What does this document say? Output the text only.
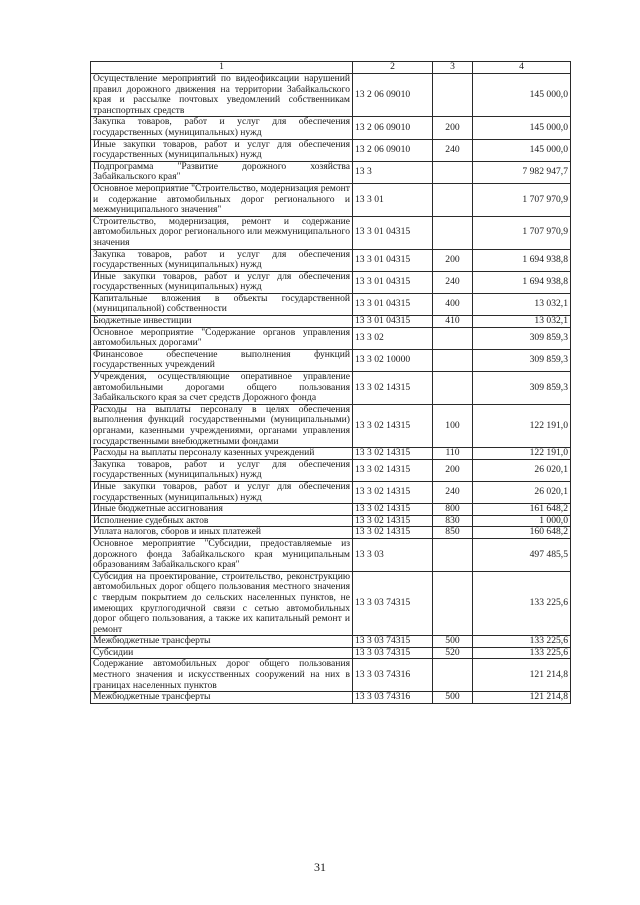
1	2	3	4
Осуществление мероприятий по видеофиксации нарушений правил дорожного движения на территории Забайкальского края и рассылке почтовых уведомлений собственникам транспортных средств	13 2 06 09010		145 000,0
Закупка товаров, работ и услуг для обеспечения государственных (муниципальных) нужд	13 2 06 09010	200	145 000,0
Иные закупки товаров, работ и услуг для обеспечения государственных (муниципальных) нужд	13 2 06 09010	240	145 000,0
Подпрограмма "Развитие дорожного хозяйства Забайкальского края"	13 3		7 982 947,7
Основное мероприятие "Строительство, модернизация ремонт и содержание автомобильных дорог регионального и межмуниципального значения"	13 3 01		1 707 970,9
Строительство, модернизация, ремонт и содержание автомобильных дорог регионального или межмуниципального значения	13 3 01 04315		1 707 970,9
Закупка товаров, работ и услуг для обеспечения государственных (муниципальных) нужд	13 3 01 04315	200	1 694 938,8
Иные закупки товаров, работ и услуг для обеспечения государственных (муниципальных) нужд	13 3 01 04315	240	1 694 938,8
Капитальные вложения в объекты государственной (муниципальной) собственности	13 3 01 04315	400	13 032,1
Бюджетные инвестиции	13 3 01 04315	410	13 032,1
Основное мероприятие "Содержание органов управления автомобильных дорогами"	13 3 02		309 859,3
Финансовое обеспечение выполнения функций государственных учреждений	13 3 02 10000		309 859,3
Учреждения, осуществляющие оперативное управление автомобильными дорогами общего пользования Забайкальского края за счет средств Дорожного фонда	13 3 02 14315		309 859,3
Расходы на выплаты персоналу в целях обеспечения выполнения функций государственными (муниципальными) органами, казенными учреждениями, органами управления государственными внебюджетными фондами	13 3 02 14315	100	122 191,0
Расходы на выплаты персоналу казенных учреждений	13 3 02 14315	110	122 191,0
Закупка товаров, работ и услуг для обеспечения государственных (муниципальных) нужд	13 3 02 14315	200	26 020,1
Иные закупки товаров, работ и услуг для обеспечения государственных (муниципальных) нужд	13 3 02 14315	240	26 020,1
Иные бюджетные ассигнования	13 3 02 14315	800	161 648,2
Исполнение судебных актов	13 3 02 14315	830	1 000,0
Уплата налогов, сборов и иных платежей	13 3 02 14315	850	160 648,2
Основное мероприятие "Субсидии, предоставляемые из дорожного фонда Забайкальского края муниципальным образованиям Забайкальского края"	13 3 03		497 485,5
Субсидия на проектирование, строительство, реконструкцию автомобильных дорог общего пользования местного значения с твердым покрытием до сельских населенных пунктов, не имеющих круглогодичной связи с сетью автомобильных дорог общего пользования, а также их капитальный ремонт и ремонт	13 3 03 74315		133 225,6
Межбюджетные трансферты	13 3 03 74315	500	133 225,6
Субсидии	13 3 03 74315	520	133 225,6
Содержание автомобильных дорог общего пользования местного значения и искусственных сооружений на них в границах населенных пунктов	13 3 03 74316		121 214,8
Межбюджетные трансферты	13 3 03 74316	500	121 214,8
31
